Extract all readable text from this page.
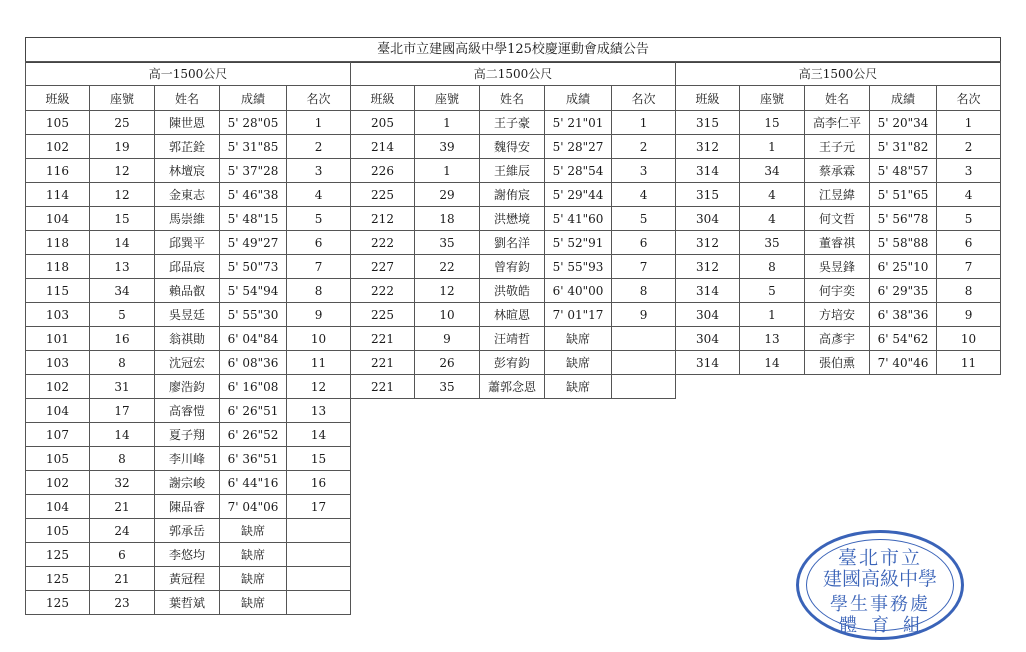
臺北市立建國高級中學125校慶運動會成績公告
高一1500公尺				
班級	座號	姓名	成績	名次
105	25	陳世恩	5' 28"05	1
102	19	郭芷銓	5' 31"85	2
116	12	林壇宸	5' 37"28	3
114	12	金東志	5' 46"38	4
104	15	馬崇維	5' 48"15	5
118	14	邱巽平	5' 49"27	6
118	13	邱品宸	5' 50"73	7
115	34	賴品叡	5' 54"94	8
103	5	吳昱廷	5' 55"30	9
101	16	翁祺勛	6' 04"84	10
103	8	沈冠宏	6' 08"36	11
102	31	廖浩鈞	6' 16"08	12
104	17	高睿愷	6' 26"51	13
107	14	夏子翔	6' 26"52	14
105	8	李川峰	6' 36"51	15
102	32	謝宗峻	6' 44"16	16
104	21	陳品睿	7' 04"06	17
105	24	郭承岳	缺席	
125	6	李悠均	缺席	
125	21	黃冠程	缺席	
125	23	葉哲斌	缺席	
高二1500公尺				
班級	座號	姓名	成績	名次
205	1	王子豪	5' 21"01	1
214	39	魏得安	5' 28"27	2
226	1	王維辰	5' 28"54	3
225	29	謝侑宸	5' 29"44	4
212	18	洪懋境	5' 41"60	5
222	35	劉名洋	5' 52"91	6
227	22	曾宥鈞	5' 55"93	7
222	12	洪敬皓	6' 40"00	8
225	10	林暄恩	7' 01"17	9
221	9	汪靖哲	缺席	
221	26	彭宥鈞	缺席	
221	35	蕭郭念恩	缺席	
高三1500公尺				
班級	座號	姓名	成績	名次
315	15	高李仁平	5' 20"34	1
312	1	王子元	5' 31"82	2
314	34	蔡承霖	5' 48"57	3
315	4	江昱緯	5' 51"65	4
304	4	何文哲	5' 56"78	5
312	35	董睿祺	5' 58"88	6
312	8	吳昱鋒	6' 25"10	7
314	5	何宇奕	6' 29"35	8
304	1	方培安	6' 38"36	9
304	13	高彥宇	6' 54"62	10
314	14	張伯熏	7' 40"46	11
臺北市立
建國高級中學
學生事務處
體育組
